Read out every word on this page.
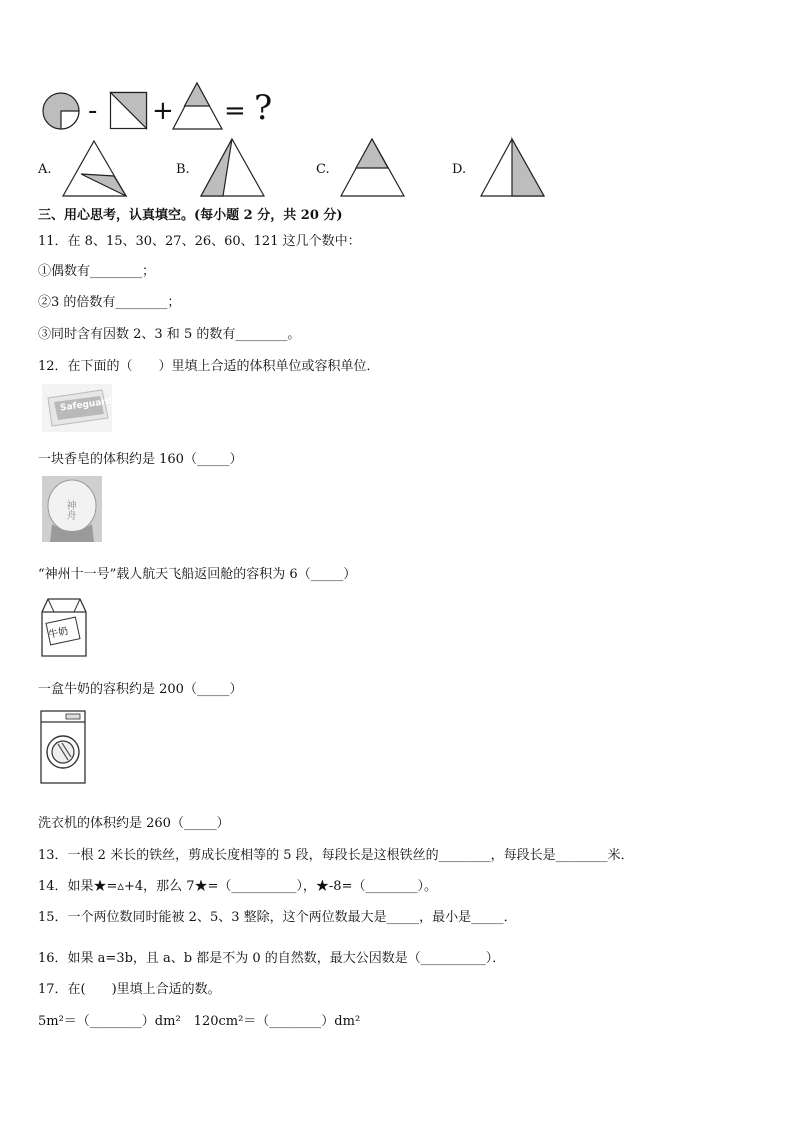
- + = ?
A.	B.	C.	D.
三、用心思考，认真填空。(每小题 2 分，共 20 分)
11．在 8、15、30、27、26、60、121 这几个数中：
①偶数有________；
②3 的倍数有________；
③同时含有因数 2、3 和 5 的数有________。
12．在下面的（　　）里填上合适的体积单位或容积单位．
Safeguard
一块香皂的体积约是 160（_____）
神舟
“神州十一号”载人航天飞船返回舱的容积为 6（_____）
牛奶
一盒牛奶的容积约是 200（_____）
洗衣机的体积约是 260（_____）
13．一根 2 米长的铁丝，剪成长度相等的 5 段，每段长是这根铁丝的________，每段长是________米．
14．如果★=▵+4，那么 7★=（__________），★-8=（________）。
15．一个两位数同时能被 2、5、3 整除，这个两位数最大是_____，最小是_____．
16．如果 a=3b，且 a、b 都是不为 0 的自然数，最大公因数是（__________）．
17．在(　　)里填上合适的数。
5m²＝（________）dm²　120cm²＝（________）dm²
